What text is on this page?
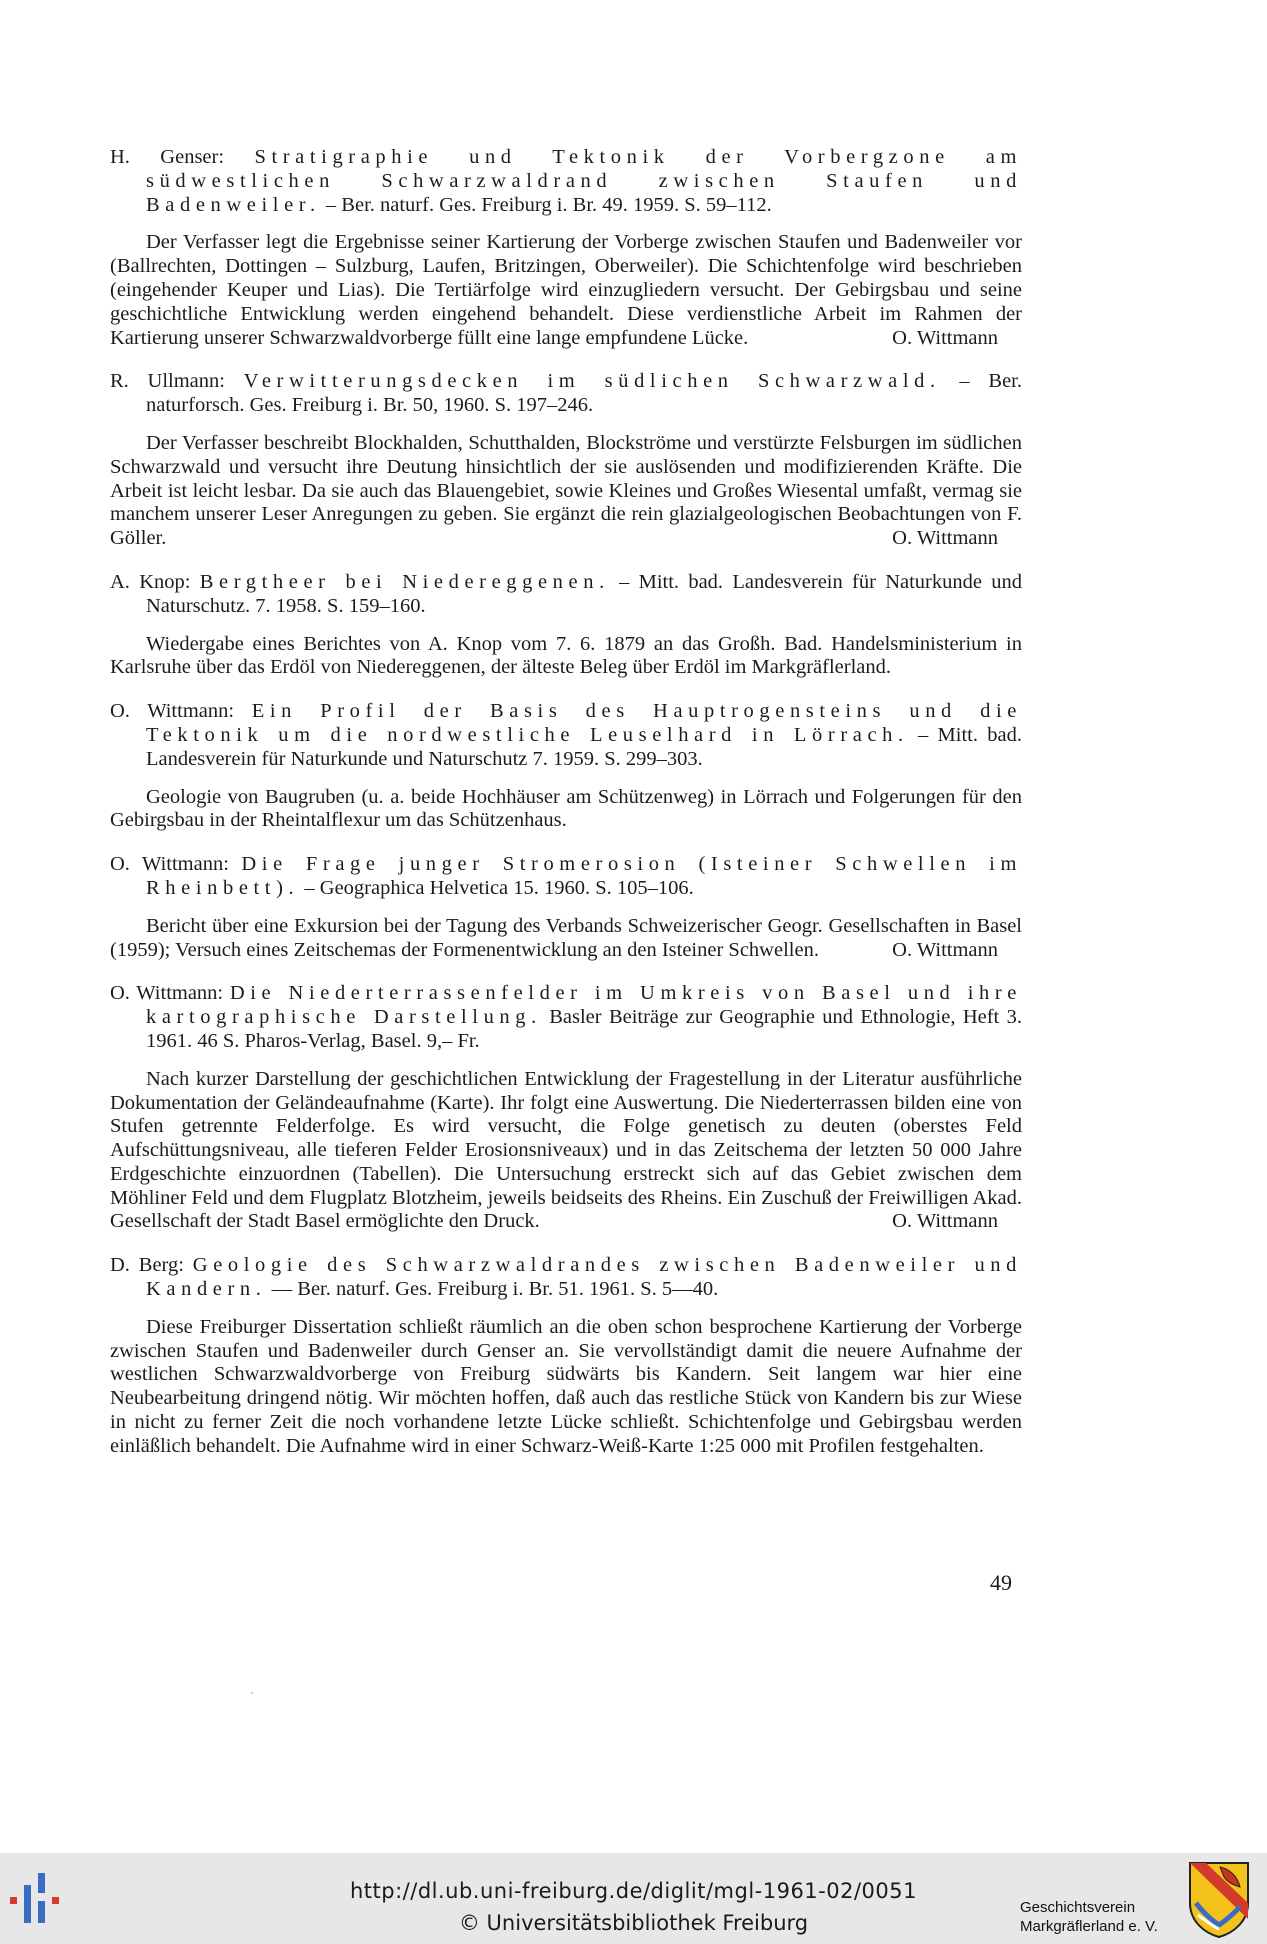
H. Genser: Stratigraphie und Tektonik der Vorbergzone am südwestlichen Schwarzwaldrand zwischen Staufen und Badenweiler. – Ber. naturf. Ges. Freiburg i. Br. 49. 1959. S. 59–112.

Der Verfasser legt die Ergebnisse seiner Kartierung der Vorberge zwischen Staufen und Badenweiler vor (Ballrechten, Dottingen – Sulzburg, Laufen, Britzingen, Oberweiler). Die Schichtenfolge wird beschrieben (eingehender Keuper und Lias). Die Tertiärfolge wird einzugliedern versucht. Der Gebirgsbau und seine geschichtliche Entwicklung werden eingehend behandelt. Diese verdienstliche Arbeit im Rahmen der Kartierung unserer Schwarzwaldvorberge füllt eine lange empfundene Lücke.	O. Wittmann

R. Ullmann: Verwitterungsdecken im südlichen Schwarzwald. – Ber. naturforsch. Ges. Freiburg i. Br. 50, 1960. S. 197–246.

Der Verfasser beschreibt Blockhalden, Schutthalden, Blockströme und verstürzte Felsburgen im südlichen Schwarzwald und versucht ihre Deutung hinsichtlich der sie auslösenden und modifizierenden Kräfte. Die Arbeit ist leicht lesbar. Da sie auch das Blauengebiet, sowie Kleines und Großes Wiesental umfaßt, vermag sie manchem unserer Leser Anregungen zu geben. Sie ergänzt die rein glazialgeologischen Beobachtungen von F. Göller.	O. Wittmann

A. Knop: Bergtheer bei Niedereggenen. – Mitt. bad. Landesverein für Naturkunde und Naturschutz. 7. 1958. S. 159–160.

Wiedergabe eines Berichtes von A. Knop vom 7. 6. 1879 an das Großh. Bad. Handelsministerium in Karlsruhe über das Erdöl von Niedereggenen, der älteste Beleg über Erdöl im Markgräflerland.

O. Wittmann: Ein Profil der Basis des Hauptrogensteins und die Tektonik um die nordwestliche Leuselhard in Lörrach. – Mitt. bad. Landesverein für Naturkunde und Naturschutz 7. 1959. S. 299–303.

Geologie von Baugruben (u. a. beide Hochhäuser am Schützenweg) in Lörrach und Folgerungen für den Gebirgsbau in der Rheintalflexur um das Schützenhaus.

O. Wittmann: Die Frage junger Stromerosion (Isteiner Schwellen im Rheinbett). – Geographica Helvetica 15. 1960. S. 105–106.

Bericht über eine Exkursion bei der Tagung des Verbands Schweizerischer Geogr. Gesellschaften in Basel (1959); Versuch eines Zeitschemas der Formenentwicklung an den Isteiner Schwellen.	O. Wittmann

O. Wittmann: Die Niederterrassenfelder im Umkreis von Basel und ihre kartographische Darstellung. Basler Beiträge zur Geographie und Ethnologie, Heft 3. 1961. 46 S. Pharos-Verlag, Basel. 9,– Fr.

Nach kurzer Darstellung der geschichtlichen Entwicklung der Fragestellung in der Literatur ausführliche Dokumentation der Geländeaufnahme (Karte). Ihr folgt eine Auswertung. Die Niederterrassen bilden eine von Stufen getrennte Felderfolge. Es wird versucht, die Folge genetisch zu deuten (oberstes Feld Aufschüttungsniveau, alle tieferen Felder Erosionsniveaux) und in das Zeitschema der letzten 50 000 Jahre Erdgeschichte einzuordnen (Tabellen). Die Untersuchung erstreckt sich auf das Gebiet zwischen dem Möhliner Feld und dem Flugplatz Blotzheim, jeweils beidseits des Rheins. Ein Zuschuß der Freiwilligen Akad. Gesellschaft der Stadt Basel ermöglichte den Druck.	O. Wittmann

D. Berg: Geologie des Schwarzwaldrandes zwischen Badenweiler und Kandern. — Ber. naturf. Ges. Freiburg i. Br. 51. 1961. S. 5—40.

Diese Freiburger Dissertation schließt räumlich an die oben schon besprochene Kartierung der Vorberge zwischen Staufen und Badenweiler durch Genser an. Sie vervollständigt damit die neuere Aufnahme der westlichen Schwarzwaldvorberge von Freiburg südwärts bis Kandern. Seit langem war hier eine Neubearbeitung dringend nötig. Wir möchten hoffen, daß auch das restliche Stück von Kandern bis zur Wiese in nicht zu ferner Zeit die noch vorhandene letzte Lücke schließt. Schichtenfolge und Gebirgsbau werden einläßlich behandelt. Die Aufnahme wird in einer Schwarz-Weiß-Karte 1:25 000 mit Profilen festgehalten.

49
http://dl.ub.uni-freiburg.de/diglit/mgl-1961-02/0051
© Universitätsbibliothek Freiburg
Geschichtsverein
Markgräflerland e. V.
